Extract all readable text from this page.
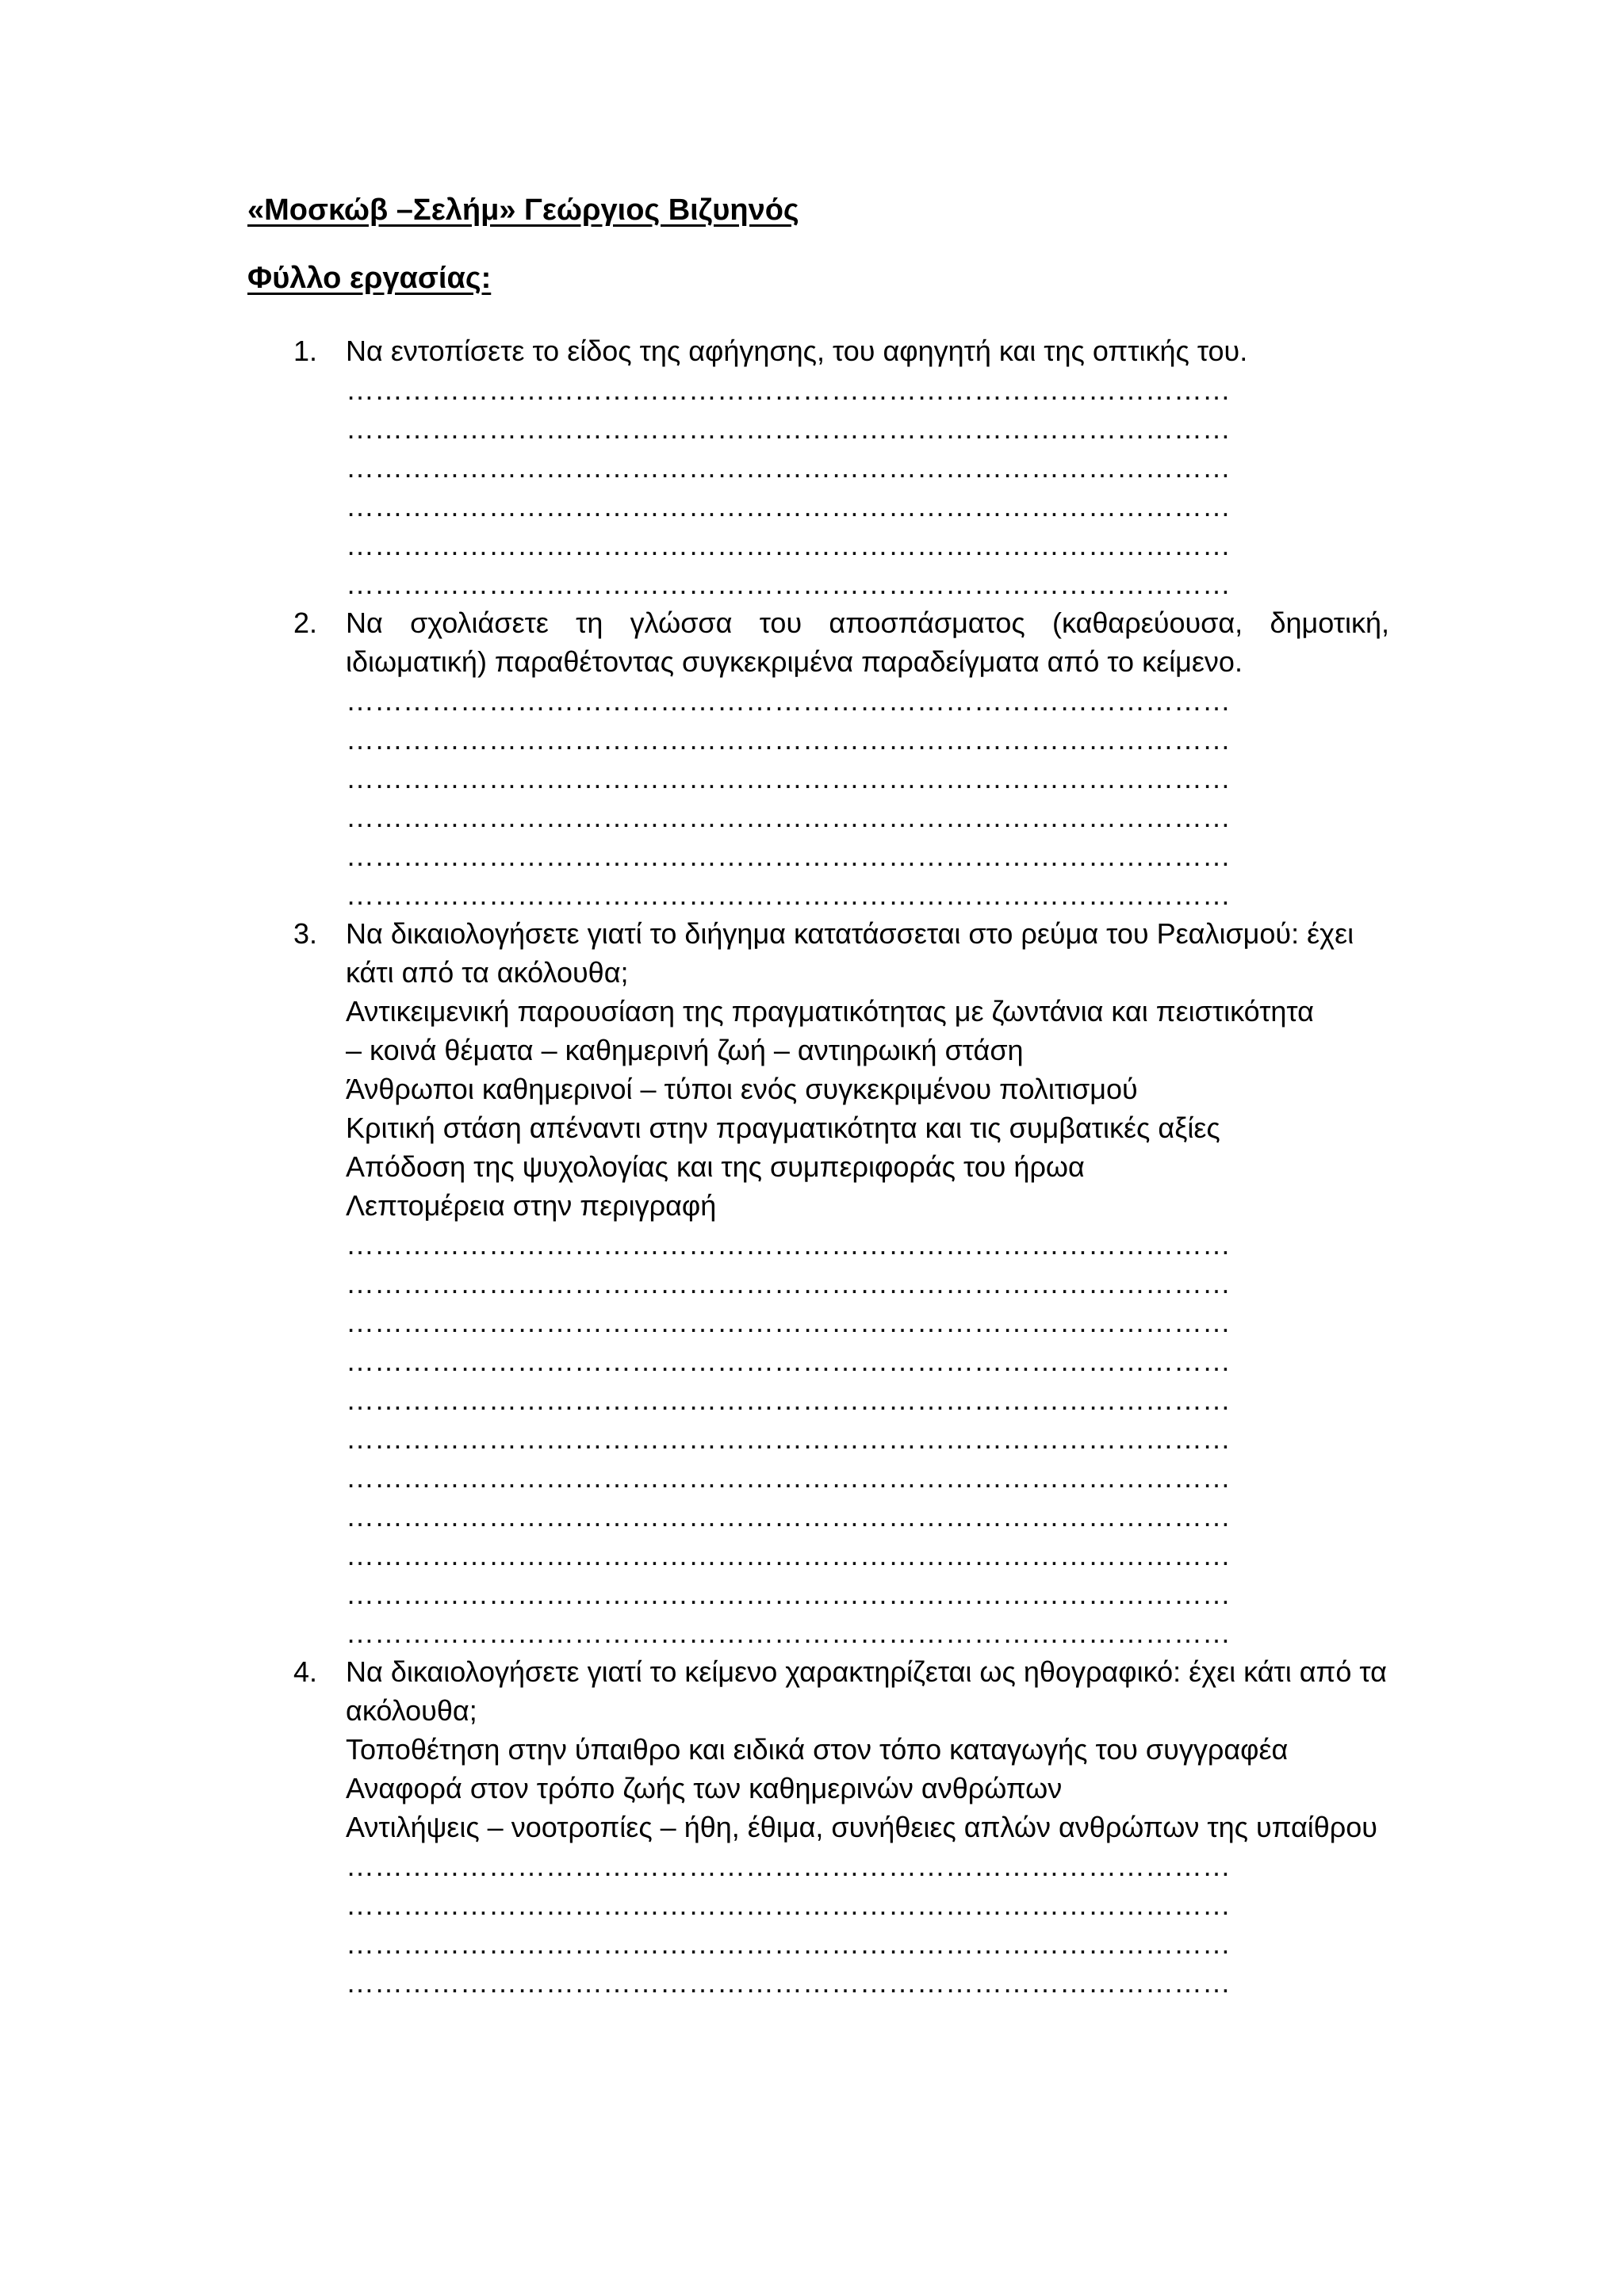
«Μοσκώβ –Σελήμ» Γεώργιος Βιζυηνός
Φύλλο εργασίας:
1. Να εντοπίσετε το είδος της αφήγησης, του αφηγητή και της οπτικής του.
…………………………………………………………………………………
…………………………………………………………………………………
…………………………………………………………………………………
…………………………………………………………………………………
…………………………………………………………………………………
…………………………………………………………………………………
2. Να σχολιάσετε τη γλώσσα του αποσπάσματος (καθαρεύουσα, δημοτική, ιδιωματική) παραθέτοντας συγκεκριμένα παραδείγματα από το κείμενο.
…………………………………………………………………………………
…………………………………………………………………………………
…………………………………………………………………………………
…………………………………………………………………………………
…………………………………………………………………………………
…………………………………………………………………………………
3. Να δικαιολογήσετε γιατί το διήγημα κατατάσσεται στο ρεύμα του Ρεαλισμού: έχει κάτι από τα ακόλουθα;
Αντικειμενική παρουσίαση της πραγματικότητας με ζωντάνια και πειστικότητα
– κοινά θέματα – καθημερινή ζωή – αντιηρωική στάση
Άνθρωποι καθημερινοί – τύποι ενός συγκεκριμένου πολιτισμού
Κριτική στάση απέναντι στην πραγματικότητα και τις συμβατικές αξίες
Απόδοση της ψυχολογίας και της συμπεριφοράς του ήρωα
Λεπτομέρεια στην περιγραφή
…………………………………………………………………………………
…………………………………………………………………………………
…………………………………………………………………………………
…………………………………………………………………………………
…………………………………………………………………………………
…………………………………………………………………………………
…………………………………………………………………………………
…………………………………………………………………………………
…………………………………………………………………………………
…………………………………………………………………………………
…………………………………………………………………………………
4. Να δικαιολογήσετε γιατί το κείμενο χαρακτηρίζεται ως ηθογραφικό: έχει κάτι από τα ακόλουθα;
Τοποθέτηση στην ύπαιθρο και ειδικά στον τόπο καταγωγής του συγγραφέα
Αναφορά στον τρόπο ζωής των καθημερινών ανθρώπων
Αντιλήψεις – νοοτροπίες – ήθη, έθιμα, συνήθειες απλών ανθρώπων της υπαίθρου
…………………………………………………………………………………
…………………………………………………………………………………
…………………………………………………………………………………
…………………………………………………………………………………
